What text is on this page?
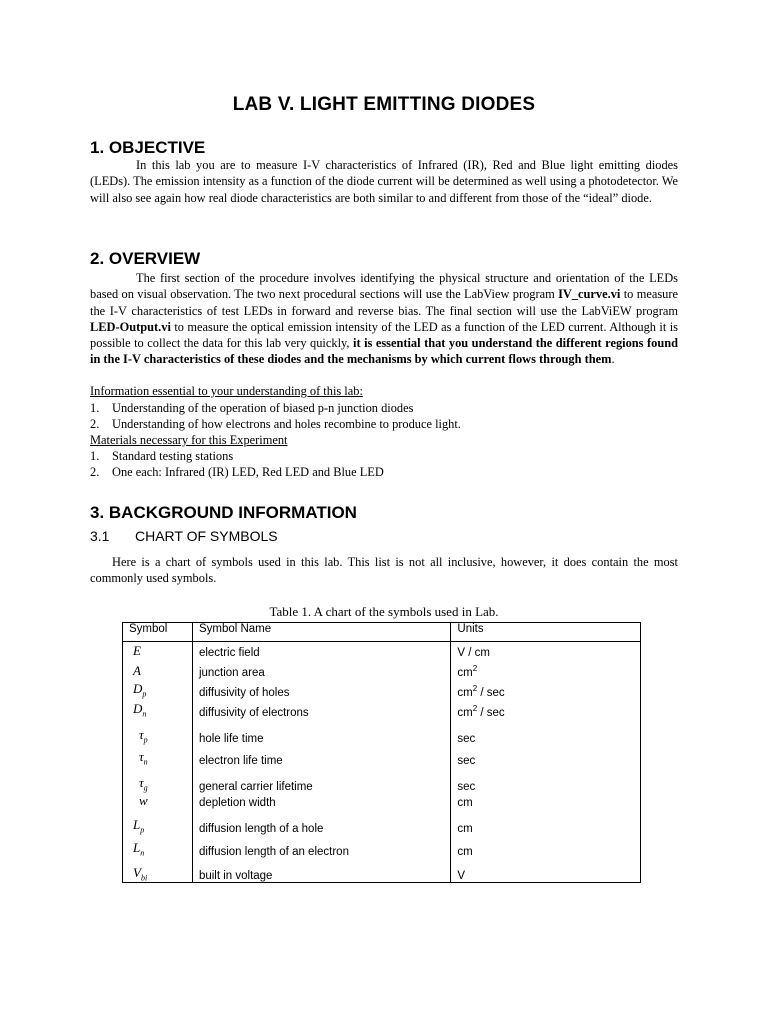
LAB V. LIGHT EMITTING DIODES
1. OBJECTIVE

In this lab you are to measure I-V characteristics of Infrared (IR), Red and Blue light emitting diodes (LEDs). The emission intensity as a function of the diode current will be determined as well using a photodetector. We will also see again how real diode characteristics are both similar to and different from those of the “ideal” diode.

2. OVERVIEW

The first section of the procedure involves identifying the physical structure and orientation of the LEDs based on visual observation. The two next procedural sections will use the LabView program IV_curve.vi to measure the I-V characteristics of test LEDs in forward and reverse bias. The final section will use the LabViEW program LED-Output.vi to measure the optical emission intensity of the LED as a function of the LED current. Although it is possible to collect the data for this lab very quickly, it is essential that you understand the different regions found in the I-V characteristics of these diodes and the mechanisms by which current flows through them.

Information essential to your understanding of this lab:
1. Understanding of the operation of biased p-n junction diodes
2. Understanding of how electrons and holes recombine to produce light.
Materials necessary for this Experiment
1. Standard testing stations
2. One each: Infrared (IR) LED, Red LED and Blue LED
3. BACKGROUND INFORMATION
3.1 CHART OF SYMBOLS

Here is a chart of symbols used in this lab. This list is not all inclusive, however, it does contain the most commonly used symbols.

Table 1. A chart of the symbols used in Lab.
Symbol	Symbol Name	Units
E	electric field	V / cm
A	junction area	$cm^2$
$D_p$	diffusivity of holes	$cm^2$ / sec
$D_n$	diffusivity of electrons	$cm^2$ / sec
$\tau_p$	hole life time	sec
$\tau_n$	electron life time	sec
$\tau_g$	general carrier lifetime	sec
w	depletion width	cm
$L_p$	diffusion length of a hole	cm
$L_n$	diffusion length of an electron	cm
$V_{bi}$	built in voltage	V
